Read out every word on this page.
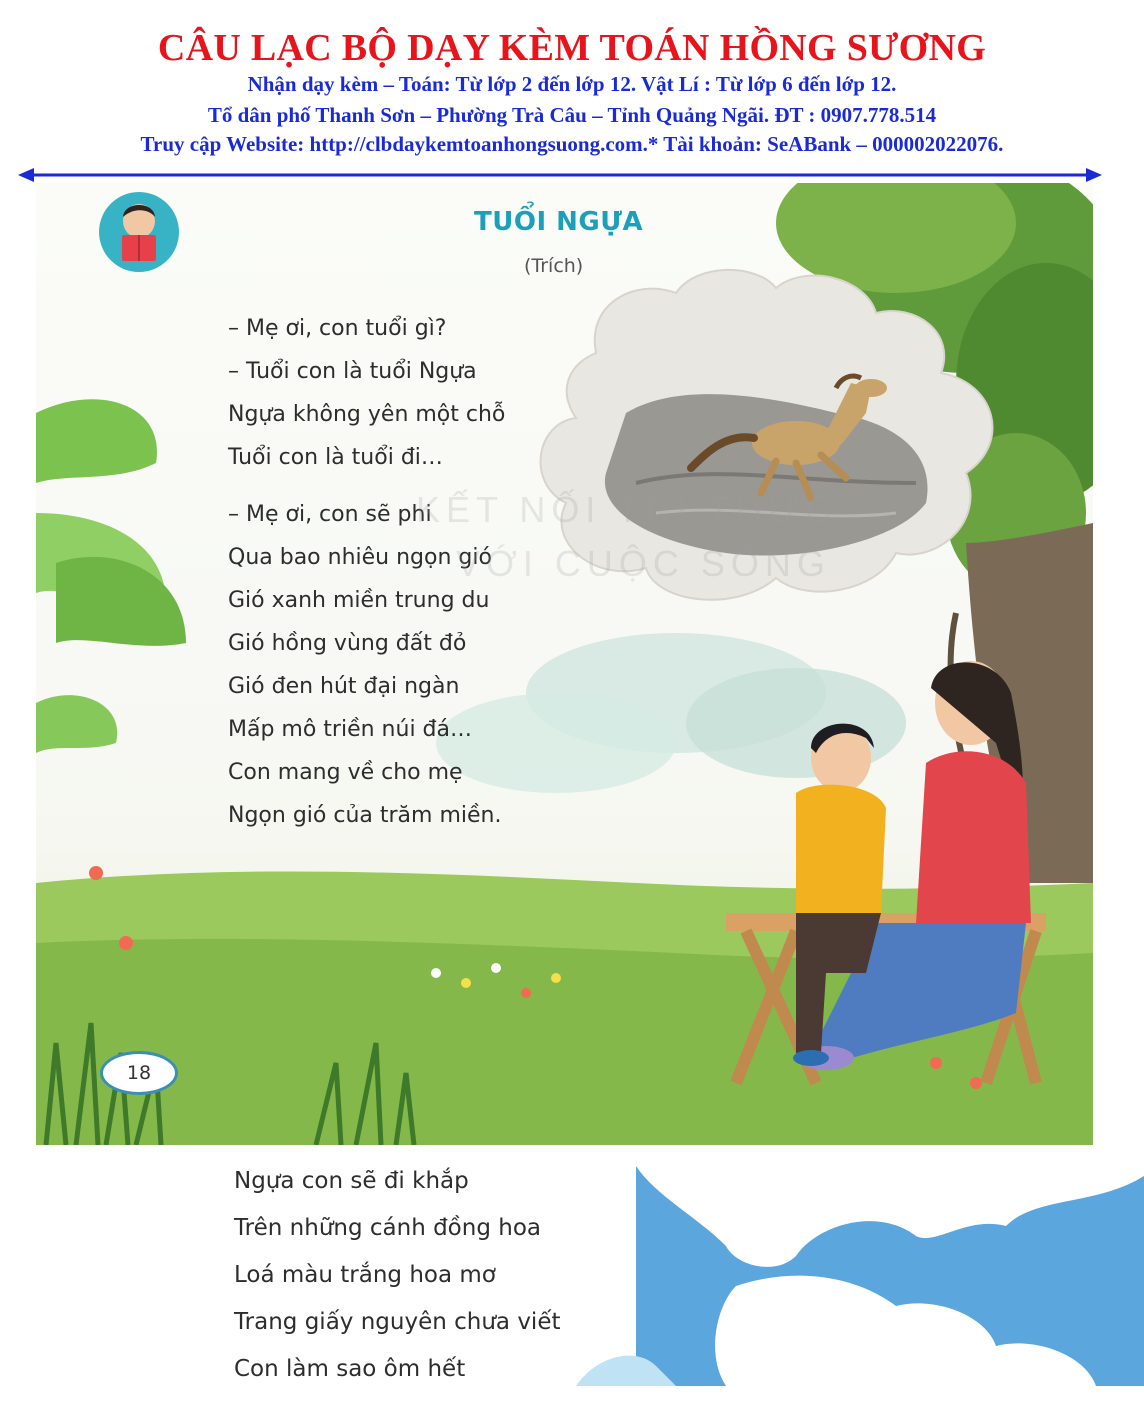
CÂU LẠC BỘ DẠY KÈM TOÁN HỒNG SƯƠNG
Nhận dạy kèm – Toán: Từ lớp 2 đến lớp 12. Vật Lí : Từ lớp 6 đến lớp 12.
Tổ dân phố Thanh Sơn – Phường Trà Câu – Tỉnh Quảng Ngãi. ĐT : 0907.778.514
Truy cập Website: http://clbdaykemtoanhongsuong.com.* Tài khoản: SeABank – 000002022076.
TUỔI NGỰA
(Trích)
– Mẹ ơi, con tuổi gì?
– Tuổi con là tuổi Ngựa
Ngựa không yên một chỗ
Tuổi con là tuổi đi…
– Mẹ ơi, con sẽ phi
Qua bao nhiêu ngọn gió
Gió xanh miền trung du
Gió hồng vùng đất đỏ
Gió đen hút đại ngàn
Mấp mô triền núi đá…
Con mang về cho mẹ
Ngọn gió của trăm miền.
KẾT NỐI TRI THỨC
VỚI CUỘC SỐNG
18
Ngựa con sẽ đi khắp
Trên những cánh đồng hoa
Loá màu trắng hoa mơ
Trang giấy nguyên chưa viết
Con làm sao ôm hết
